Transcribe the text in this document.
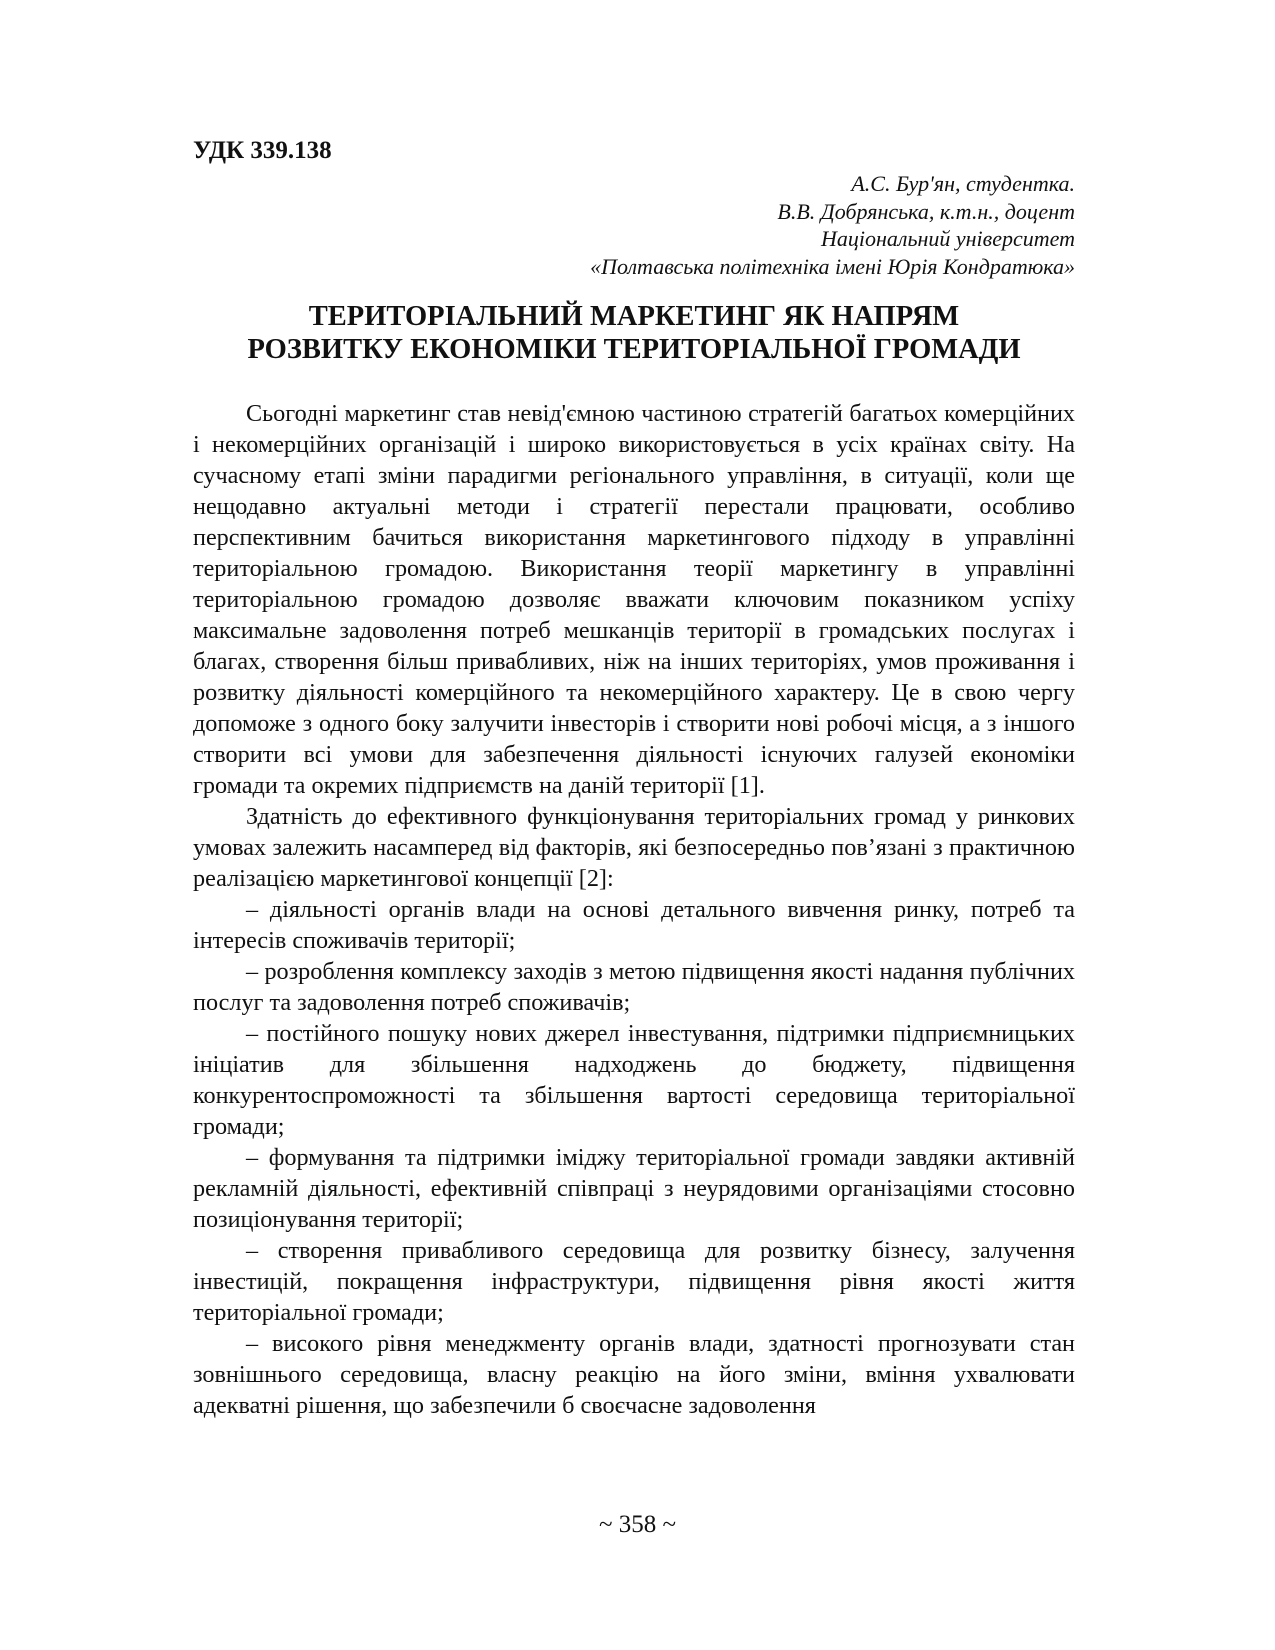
УДК 339.138
А.С. Бур'ян, студентка.
В.В. Добрянська, к.т.н., доцент
Національний університет
«Полтавська політехніка імені Юрія Кондратюка»
ТЕРИТОРІАЛЬНИЙ МАРКЕТИНГ ЯК НАПРЯМ
РОЗВИТКУ ЕКОНОМІКИ ТЕРИТОРІАЛЬНОЇ ГРОМАДИ

Сьогодні маркетинг став невід'ємною частиною стратегій багатьох комерційних і некомерційних організацій і широко використовується в усіх країнах світу. На сучасному етапі зміни парадигми регіонального управління, в ситуації, коли ще нещодавно актуальні методи і стратегії перестали працювати, особливо перспективним бачиться використання маркетингового підходу в управлінні територіальною громадою. Використання теорії маркетингу в управлінні територіальною громадою дозволяє вважати ключовим показником успіху максимальне задоволення потреб мешканців території в громадських послугах і благах, створення більш привабливих, ніж на інших територіях, умов проживання і розвитку діяльності комерційного та некомерційного характеру. Це в свою чергу допоможе з одного боку залучити інвесторів і створити нові робочі місця, а з іншого створити всі умови для забезпечення діяльності існуючих галузей економіки громади та окремих підприємств на даній території [1].

Здатність до ефективного функціонування територіальних громад у ринкових умовах залежить насамперед від факторів, які безпосередньо пов’язані з практичною реалізацією маркетингової концепції [2]:

– діяльності органів влади на основі детального вивчення ринку, потреб та інтересів споживачів території;

– розроблення комплексу заходів з метою підвищення якості надання публічних послуг та задоволення потреб споживачів;

– постійного пошуку нових джерел інвестування, підтримки підприємницьких ініціатив для збільшення надходжень до бюджету, підвищення конкурентоспроможності та збільшення вартості середовища територіальної громади;

– формування та підтримки іміджу територіальної громади завдяки активній рекламній діяльності, ефективній співпраці з неурядовими організаціями стосовно позиціонування території;

– створення привабливого середовища для розвитку бізнесу, залучення інвестицій, покращення інфраструктури, підвищення рівня якості життя територіальної громади;

– високого рівня менеджменту органів влади, здатності прогнозувати стан зовнішнього середовища, власну реакцію на його зміни, вміння ухвалювати адекватні рішення, що забезпечили б своєчасне задоволення

~ 358 ~
